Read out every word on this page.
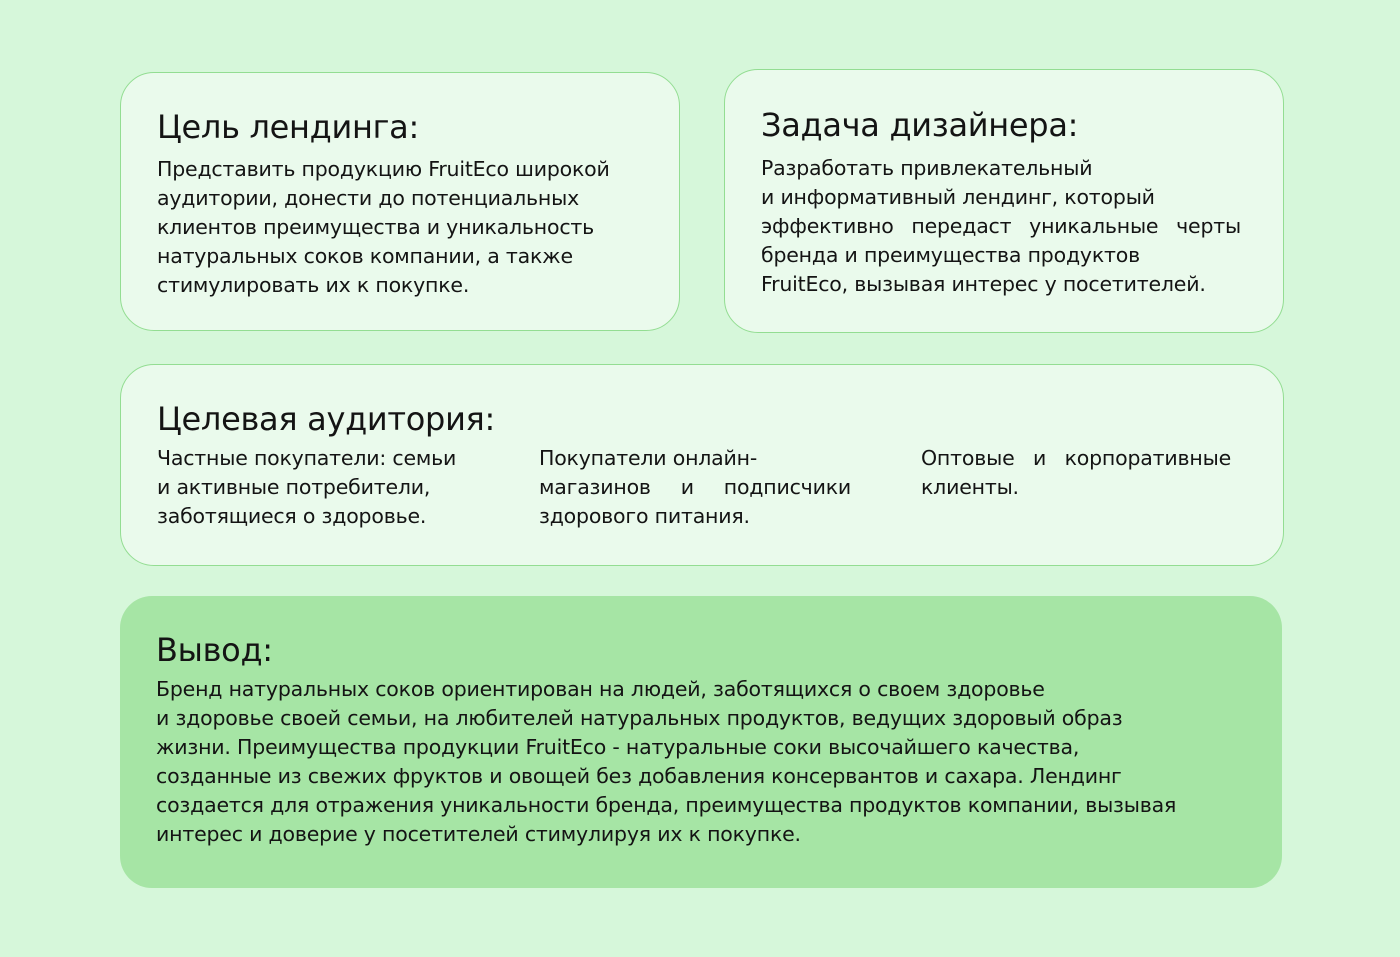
Цель лендинга:

Представить продукцию FruitEco широкой
аудитории, донести до потенциальных
клиентов преимущества и уникальность
натуральных соков компании, а также
стимулировать их к покупке.

Задача дизайнера:

Разработать привлекательный
и информативный лендинг, который
эффективно передаст уникальные черты
бренда и преимущества продуктов
FruitEco, вызывая интерес у посетителей.

Целевая аудитория:

Частные покупатели: семьи
и активные потребители,
заботящиеся о здоровье.

Покупатели онлайн-
магазинов и подписчики
здорового питания.

Оптовые и корпоративные
клиенты.

Вывод:

Бренд натуральных соков ориентирован на людей, заботящихся о своем здоровье
и здоровье своей семьи, на любителей натуральных продуктов, ведущих здоровый образ
жизни. Преимущества продукции FruitEco - натуральные соки высочайшего качества,
созданные из свежих фруктов и овощей без добавления консервантов и сахара. Лендинг
создается для отражения уникальности бренда, преимущества продуктов компании, вызывая
интерес и доверие у посетителей стимулируя их к покупке.
